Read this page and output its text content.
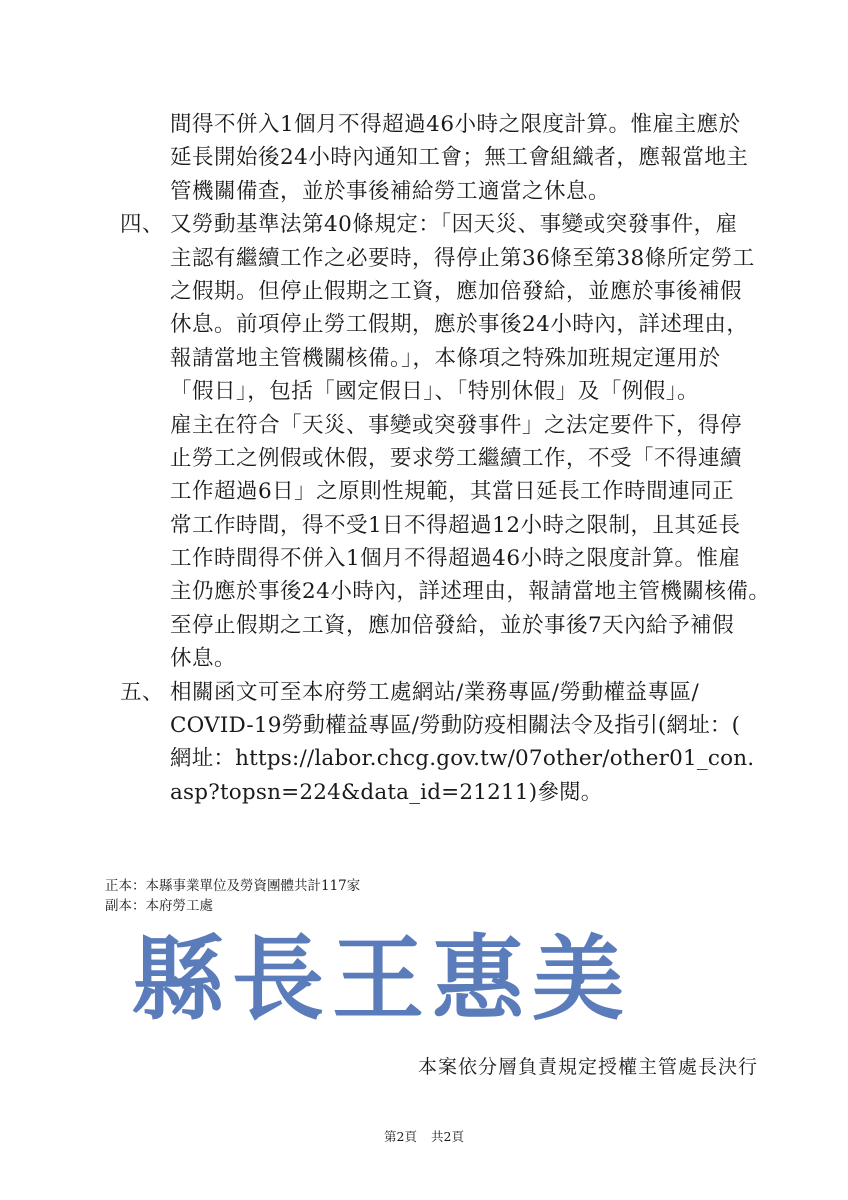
間得不併入1個月不得超過46小時之限度計算。惟雇主應於
延長開始後24小時內通知工會；無工會組織者，應報當地主
管機關備查，並於事後補給勞工適當之休息。
四、 又勞動基準法第40條規定：「因天災、事變或突發事件，雇
主認有繼續工作之必要時，得停止第36條至第38條所定勞工
之假期。但停止假期之工資，應加倍發給，並應於事後補假
休息。前項停止勞工假期，應於事後24小時內，詳述理由，
報請當地主管機關核備。」，本條項之特殊加班規定運用於
「假日」，包括「國定假日」、「特別休假」及「例假」。
雇主在符合「天災、事變或突發事件」之法定要件下，得停
止勞工之例假或休假，要求勞工繼續工作，不受「不得連續
工作超過6日」之原則性規範，其當日延長工作時間連同正
常工作時間，得不受1日不得超過12小時之限制，且其延長
工作時間得不併入1個月不得超過46小時之限度計算。惟雇
主仍應於事後24小時內，詳述理由，報請當地主管機關核備。
至停止假期之工資，應加倍發給，並於事後7天內給予補假
休息。
五、 相關函文可至本府勞工處網站/業務專區/勞動權益專區/
COVID-19勞動權益專區/勞動防疫相關法令及指引(網址：(
網址：https://labor.chcg.gov.tw/07other/other01_con.
asp?topsn=224&data_id=21211)參閱。
正本：本縣事業單位及勞資團體共計117家
副本：本府勞工處
縣 長 王 惠 美
本案依分層負責規定授權主管處長決行
第2頁 共2頁
